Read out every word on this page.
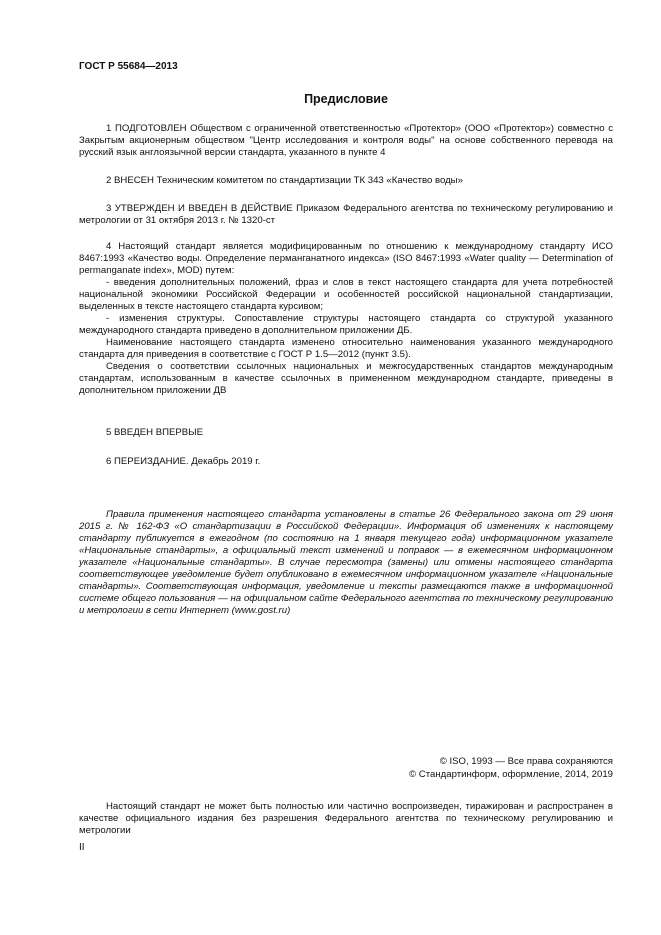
ГОСТ Р 55684—2013
Предисловие

1 ПОДГОТОВЛЕН Обществом с ограниченной ответственностью «Протектор» (ООО «Протектор») совместно с Закрытым акционерным обществом "Центр исследования и контроля воды" на основе собственного перевода на русский язык англоязычной версии стандарта, указанного в пункте 4

2 ВНЕСЕН Техническим комитетом по стандартизации ТК 343 «Качество воды»

3 УТВЕРЖДЕН И ВВЕДЕН В ДЕЙСТВИЕ Приказом Федерального агентства по техническому регулированию и метрологии от 31 октября 2013 г. № 1320-ст

4 Настоящий стандарт является модифицированным по отношению к международному стандарту ИСО 8467:1993 «Качество воды. Определение перманганатного индекса» (ISO 8467:1993 «Water quality — Determination of permanganate index», MOD) путем:

- введения дополнительных положений, фраз и слов в текст настоящего стандарта для учета потребностей национальной экономики Российской Федерации и особенностей российской национальной стандартизации, выделенных в тексте настоящего стандарта курсивом;

- изменения структуры. Сопоставление структуры настоящего стандарта со структурой указанного международного стандарта приведено в дополнительном приложении ДБ.

Наименование настоящего стандарта изменено относительно наименования указанного международного стандарта для приведения в соответствие с ГОСТ Р 1.5—2012 (пункт 3.5).

Сведения о соответствии ссылочных национальных и межгосударственных стандартов международным стандартам, использованным в качестве ссылочных в примененном международном стандарте, приведены в дополнительном приложении ДВ

5 ВВЕДЕН ВПЕРВЫЕ

6 ПЕРЕИЗДАНИЕ. Декабрь 2019 г.

Правила применения настоящего стандарта установлены в статье 26 Федерального закона от 29 июня 2015 г. № 162-ФЗ «О стандартизации в Российской Федерации». Информация об изменениях к настоящему стандарту публикуется в ежегодном (по состоянию на 1 января текущего года) информационном указателе «Национальные стандарты», а официальный текст изменений и поправок — в ежемесячном информационном указателе «Национальные стандарты». В случае пересмотра (замены) или отмены настоящего стандарта соответствующее уведомление будет опубликовано в ежемесячном информационном указателе «Национальные стандарты». Соответствующая информация, уведомление и тексты размещаются также в информационной системе общего пользования — на официальном сайте Федерального агентства по техническому регулированию и метрологии в сети Интернет (www.gost.ru)

© ISO, 1993 — Все права сохраняются
© Стандартинформ, оформление, 2014, 2019

Настоящий стандарт не может быть полностью или частично воспроизведен, тиражирован и распространен в качестве официального издания без разрешения Федерального агентства по техническому регулированию и метрологии

II
